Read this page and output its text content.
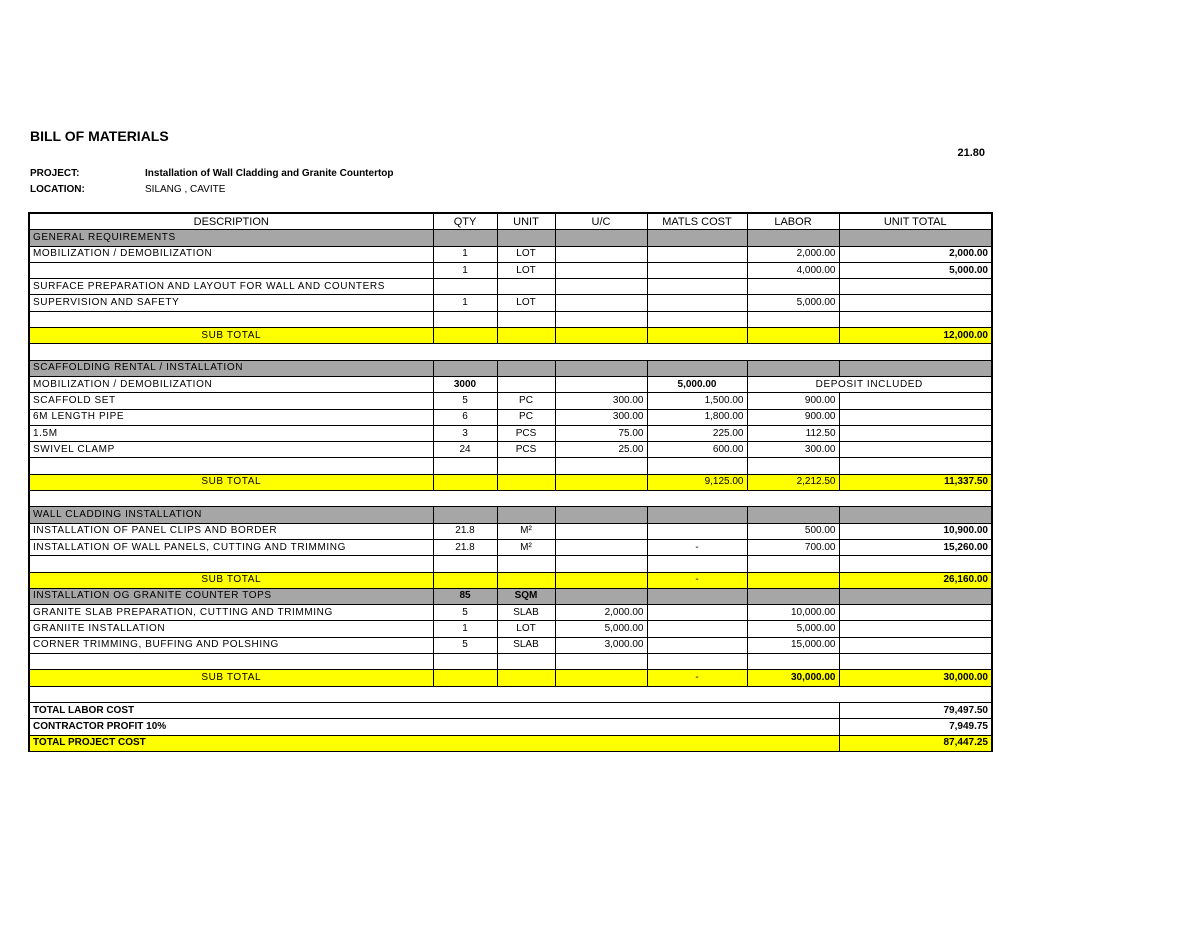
BILL OF MATERIALS
21.80
PROJECT:	Installation of Wall Cladding and Granite Countertop
LOCATION:	SILANG , CAVITE
DESCRIPTION	QTY	UNIT	U/C	MATLS COST	LABOR	UNIT TOTAL
GENERAL REQUIREMENTS						
MOBILIZATION / DEMOBILIZATION	1	LOT			2,000.00	2,000.00
	1	LOT			4,000.00	5,000.00
SURFACE PREPARATION AND LAYOUT FOR WALL AND COUNTERS						
SUPERVISION AND SAFETY	1	LOT			5,000.00	

SUB TOTAL						12,000.00

SCAFFOLDING RENTAL / INSTALLATION						
MOBILIZATION / DEMOBILIZATION	3000			5,000.00	DEPOSIT INCLUDED	
SCAFFOLD SET	5	PC	300.00	1,500.00	900.00	
6M LENGTH PIPE	6	PC	300.00	1,800.00	900.00	
1.5M	3	PCS	75.00	225.00	112.50	
SWIVEL CLAMP	24	PCS	25.00	600.00	300.00	

SUB TOTAL				9,125.00	2,212.50	11,337.50

WALL CLADDING INSTALLATION						
INSTALLATION OF PANEL CLIPS AND BORDER	21.8	M²			500.00	10,900.00
INSTALLATION OF WALL PANELS, CUTTING AND TRIMMING	21.8	M²		-	700.00	15,260.00

SUB TOTAL				-		26,160.00
INSTALLATION OG GRANITE COUNTER TOPS	85	SQM				
GRANITE SLAB PREPARATION, CUTTING AND TRIMMING	5	SLAB	2,000.00		10,000.00	
GRANIITE INSTALLATION	1	LOT	5,000.00		5,000.00	
CORNER TRIMMING, BUFFING AND POLSHING	5	SLAB	3,000.00		15,000.00	

SUB TOTAL				-	30,000.00	30,000.00

TOTAL LABOR COST						79,497.50
CONTRACTOR PROFIT 10%						7,949.75
TOTAL PROJECT COST						87,447.25
